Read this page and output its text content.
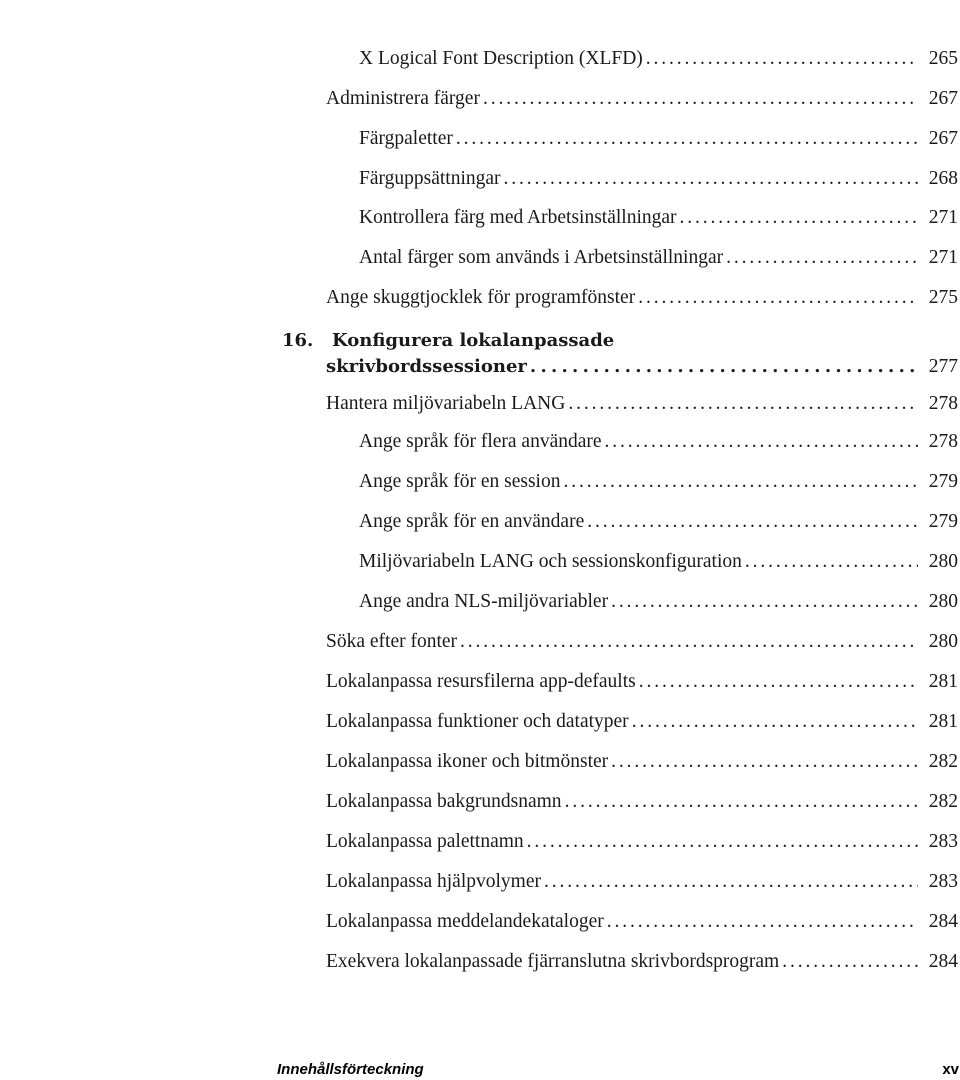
X Logical Font Description (XLFD) . . .	265
Administrera färger . . .	267
Färgpaletter . . .	267
Färguppsättningar . . .	268
Kontrollera färg med Arbetsinställningar . . .	271
Antal färger som används i Arbetsinställningar . . .	271
Ange skuggtjocklek för programfönster . . .	275
16. Konfigurera lokalanpassade
skrivbordssessioner . . .	277
Hantera miljövariabeln LANG . . .	278
Ange språk för flera användare . . .	278
Ange språk för en session . . .	279
Ange språk för en användare . . .	279
Miljövariabeln LANG och sessionskonfiguration . . .	280
Ange andra NLS-miljövariabler . . .	280
Söka efter fonter . . .	280
Lokalanpassa resursfilerna app-defaults . . .	281
Lokalanpassa funktioner och datatyper . . .	281
Lokalanpassa ikoner och bitmönster . . .	282
Lokalanpassa bakgrundsnamn . . .	282
Lokalanpassa palettnamn . . .	283
Lokalanpassa hjälpvolymer . . .	283
Lokalanpassa meddelandekataloger . . .	284
Exekvera lokalanpassade fjärranslutna skrivbordsprogram . . .	284
Innehållsförteckning	xv
